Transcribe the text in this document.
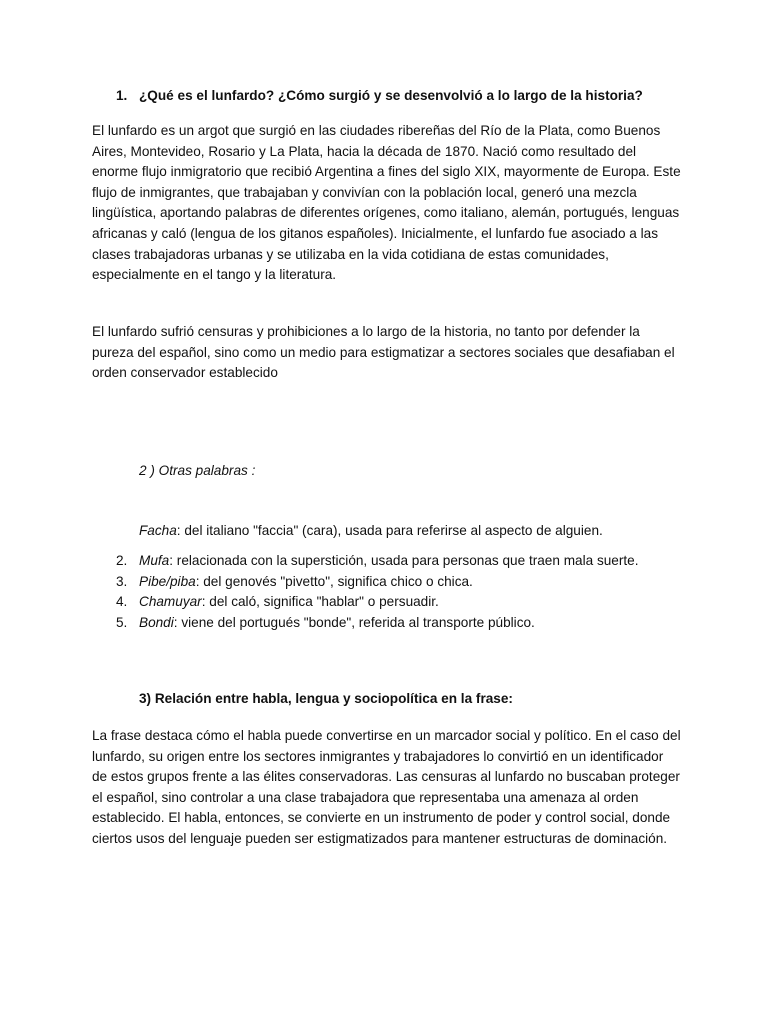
1. ¿Qué es el lunfardo? ¿Cómo surgió y se desenvolvió a lo largo de la historia?

El lunfardo es un argot que surgió en las ciudades ribereñas del Río de la Plata, como Buenos Aires, Montevideo, Rosario y La Plata, hacia la década de 1870. Nació como resultado del enorme flujo inmigratorio que recibió Argentina a fines del siglo XIX, mayormente de Europa. Este flujo de inmigrantes, que trabajaban y convivían con la población local, generó una mezcla lingüística, aportando palabras de diferentes orígenes, como italiano, alemán, portugués, lenguas africanas y caló (lengua de los gitanos españoles). Inicialmente, el lunfardo fue asociado a las clases trabajadoras urbanas y se utilizaba en la vida cotidiana de estas comunidades, especialmente en el tango y la literatura.

El lunfardo sufrió censuras y prohibiciones a lo largo de la historia, no tanto por defender la pureza del español, sino como un medio para estigmatizar a sectores sociales que desafiaban el orden conservador establecido

2 ) Otras palabras :

Facha: del italiano "faccia" (cara), usada para referirse al aspecto de alguien.

2. Mufa: relacionada con la superstición, usada para personas que traen mala suerte.
3. Pibe/piba: del genovés "pivetto", significa chico o chica.
4. Chamuyar: del caló, significa "hablar" o persuadir.
5. Bondi: viene del portugués "bonde", referida al transporte público.

3) Relación entre habla, lengua y sociopolítica en la frase:

La frase destaca cómo el habla puede convertirse en un marcador social y político. En el caso del lunfardo, su origen entre los sectores inmigrantes y trabajadores lo convirtió en un identificador de estos grupos frente a las élites conservadoras. Las censuras al lunfardo no buscaban proteger el español, sino controlar a una clase trabajadora que representaba una amenaza al orden establecido. El habla, entonces, se convierte en un instrumento de poder y control social, donde ciertos usos del lenguaje pueden ser estigmatizados para mantener estructuras de dominación.
